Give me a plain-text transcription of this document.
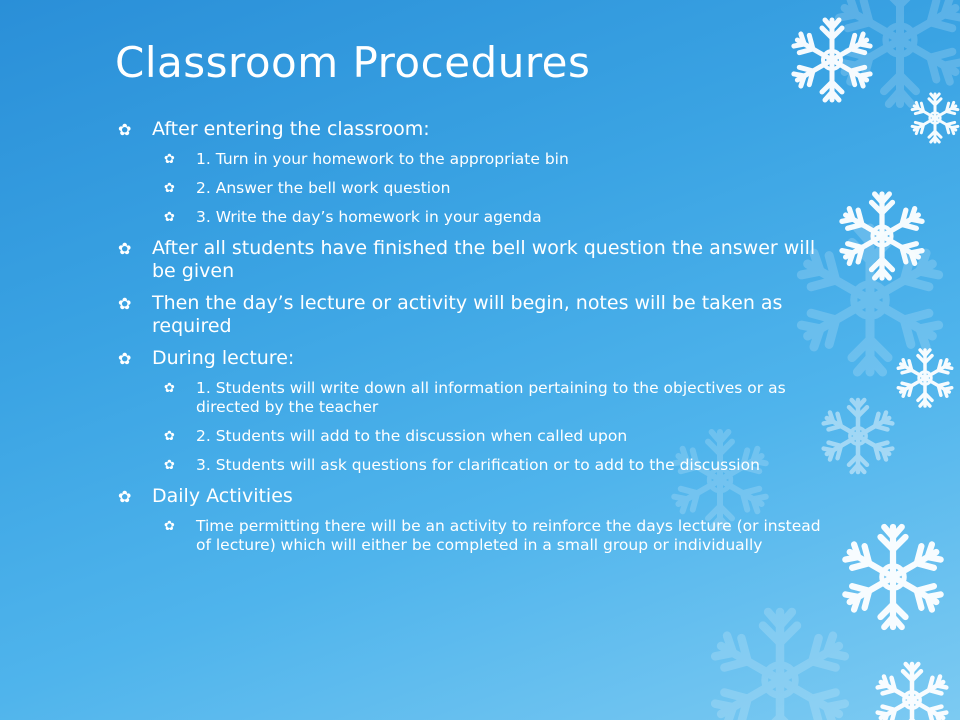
Classroom Procedures
✿ After entering the classroom:
✿ 1. Turn in your homework to the appropriate bin
✿ 2. Answer the bell work question
✿ 3. Write the day’s homework in your agenda
✿ After all students have finished the bell work question the answer will be given
✿ Then the day’s lecture or activity will begin, notes will be taken as required
✿ During lecture:
✿ 1. Students will write down all information pertaining to the objectives or as directed by the teacher
✿ 2. Students will add to the discussion when called upon
✿ 3. Students will ask questions for clarification or to add to the discussion
✿ Daily Activities
✿ Time permitting there will be an activity to reinforce the days lecture (or instead of lecture) which will either be completed in a small group or individually
